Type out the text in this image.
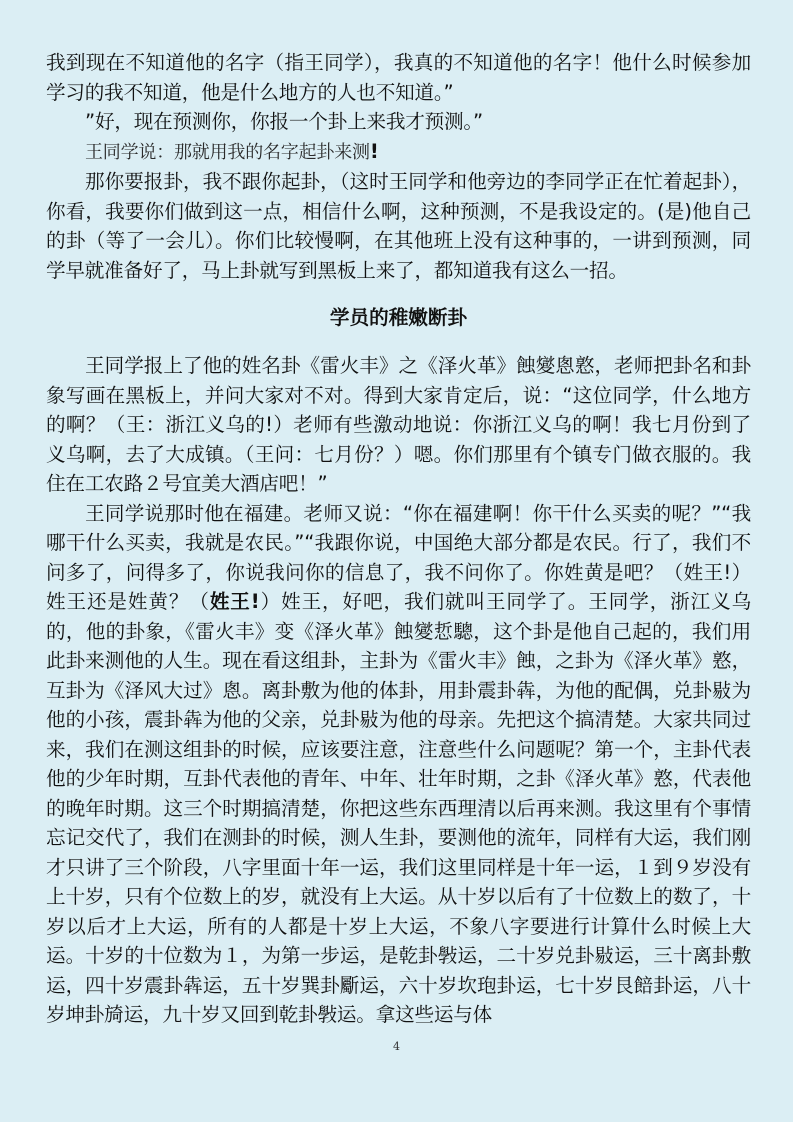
我到现在不知道他的名字（指王同学），我真的不知道他的名字！他什么时候参加学习的我不知道，他是什么地方的人也不知道。”

”好，现在预测你，你报一个卦上来我才预测。”

王同学说：那就用我的名字起卦来测!

那你要报卦，我不跟你起卦，（这时王同学和他旁边的李同学正在忙着起卦），你看，我要你们做到这一点，相信什么啊，这种预测，不是我设定的。(是)他自己的卦（等了一会儿）。你们比较慢啊，在其他班上没有这种事的，一讲到预测，同学早就准备好了，马上卦就写到黑板上来了，都知道我有这么一招。

学员的稚嫩断卦

王同学报上了他的姓名卦《雷火丰》之《泽火革》蝕夑悤憝，老师把卦名和卦象写画在黑板上，并问大家对不对。得到大家肯定后，说：“这位同学，什么地方的啊？（王：浙江义乌的!）老师有些激动地说：你浙江义乌的啊！我七月份到了义乌啊，去了大成镇。（王问：七月份？）嗯。你们那里有个镇专门做衣服的。我住在工农路２号宜美大酒店吧！”

王同学说那时他在福建。老师又说：“你在福建啊！你干什么买卖的呢？”“我哪干什么买卖，我就是农民。”“我跟你说，中国绝大部分都是农民。行了，我们不问多了，问得多了，你说我问你的信息了，我不问你了。你姓黄是吧？（姓王!）姓王还是姓黄？（姓王!）姓王，好吧，我们就叫王同学了。王同学，浙江义乌的，他的卦象，《雷火丰》变《泽火革》蝕夑悊驄，这个卦是他自己起的，我们用此卦来测他的人生。现在看这组卦，主卦为《雷火丰》蝕，之卦为《泽火革》憝，互卦为《泽风大过》悤。离卦敷为他的体卦，用卦震卦犇，为他的配偶，兑卦敡为他的小孩，震卦犇为他的父亲，兑卦敡为他的母亲。先把这个搞清楚。大家共同过来，我们在测这组卦的时候，应该要注意，注意些什么问题呢？第一个，主卦代表他的少年时期，互卦代表他的青年、中年、壮年时期，之卦《泽火革》憝，代表他的晚年时期。这三个时期搞清楚，你把这些东西理清以后再来测。我这里有个事情忘记交代了，我们在测卦的时候，测人生卦，要测他的流年，同样有大运，我们刚才只讲了三个阶段，八字里面十年一运，我们这里同样是十年一运，１到９岁没有上十岁，只有个位数上的岁，就没有上大运。从十岁以后有了十位数上的数了，十岁以后才上大运，所有的人都是十岁上大运，不象八字要进行计算什么时候上大运。十岁的十位数为１，为第一步运，是乾卦斅运，二十岁兑卦敡运，三十离卦敷运，四十岁震卦犇运，五十岁巽卦斸运，六十岁坎玸卦运，七十岁艮餢卦运，八十岁坤卦旑运，九十岁又回到乾卦斅运。拿这些运与体

4
